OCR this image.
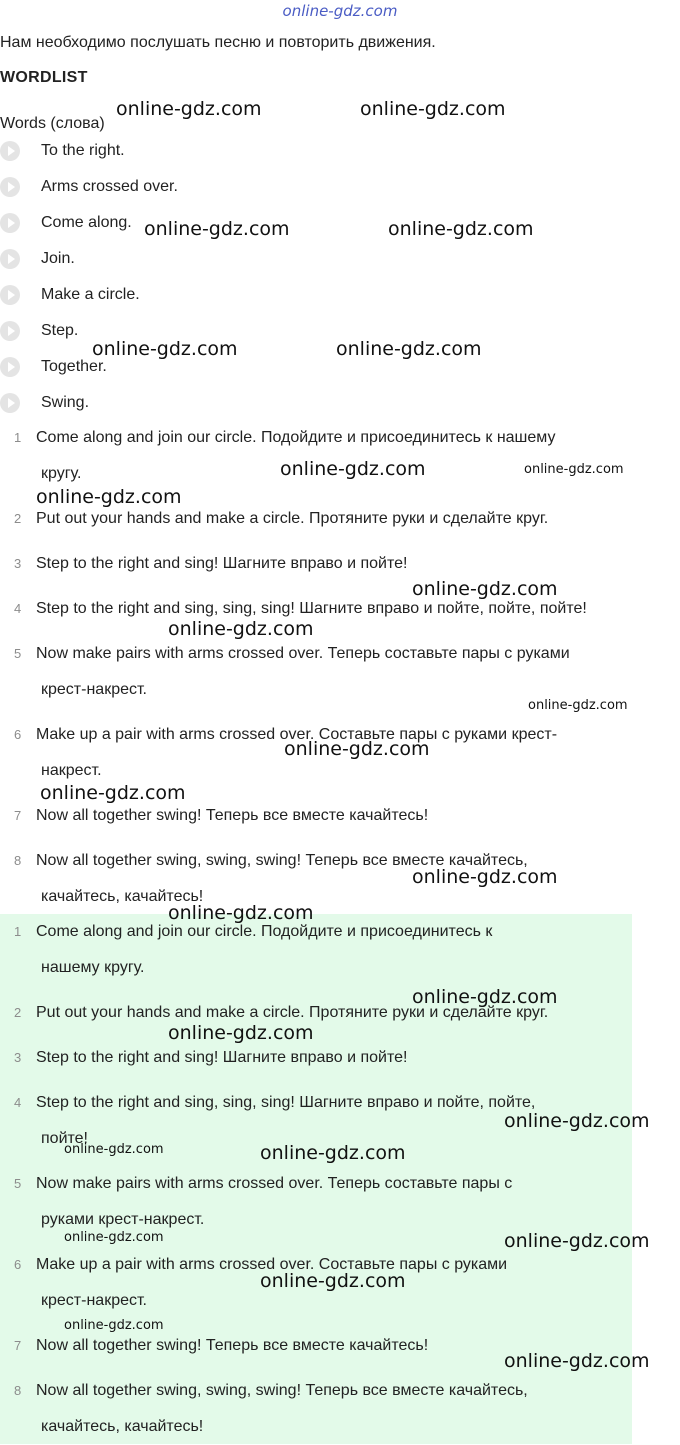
online-gdz.com
Нам необходимо послушать песню и повторить движения.
WORDLIST
Words (слова)
To the right.
Arms crossed over.
Come along.
Join.
Make a circle.
Step.
Together.
Swing.
1 Come along and join our circle. Подойдите и присоединитесь к нашему
кругу.
2 Put out your hands and make a circle. Протяните руки и сделайте круг.
3 Step to the right and sing! Шагните вправо и пойте!
4 Step to the right and sing, sing, sing! Шагните вправо и пойте, пойте, пойте!
5 Now make pairs with arms crossed over. Теперь составьте пары с руками
крест-накрест.
6 Make up a pair with arms crossed over. Составьте пары с руками крест-
накрест.
7 Now all together swing! Теперь все вместе качайтесь!
8 Now all together swing, swing, swing! Теперь все вместе качайтесь,
качайтесь, качайтесь!
1 Come along and join our circle. Подойдите и присоединитесь к
нашему кругу.
2 Put out your hands and make a circle. Протяните руки и сделайте круг.
3 Step to the right and sing! Шагните вправо и пойте!
4 Step to the right and sing, sing, sing! Шагните вправо и пойте, пойте,
пойте!
5 Now make pairs with arms crossed over. Теперь составьте пары с
руками крест-накрест.
6 Make up a pair with arms crossed over. Составьте пары с руками
крест-накрест.
7 Now all together swing! Теперь все вместе качайтесь!
8 Now all together swing, swing, swing! Теперь все вместе качайтесь,
качайтесь, качайтесь!
online-gdz.com	online-gdz.com
online-gdz.com	online-gdz.com
online-gdz.com	online-gdz.com
online-gdz.com	online-gdz.com
online-gdz.com
online-gdz.com
online-gdz.com
online-gdz.com
online-gdz.com
online-gdz.com
online-gdz.com
online-gdz.com
online-gdz.com
online-gdz.com
online-gdz.com
online-gdz.com	online-gdz.com
online-gdz.com	online-gdz.com
online-gdz.com
online-gdz.com
online-gdz.com
